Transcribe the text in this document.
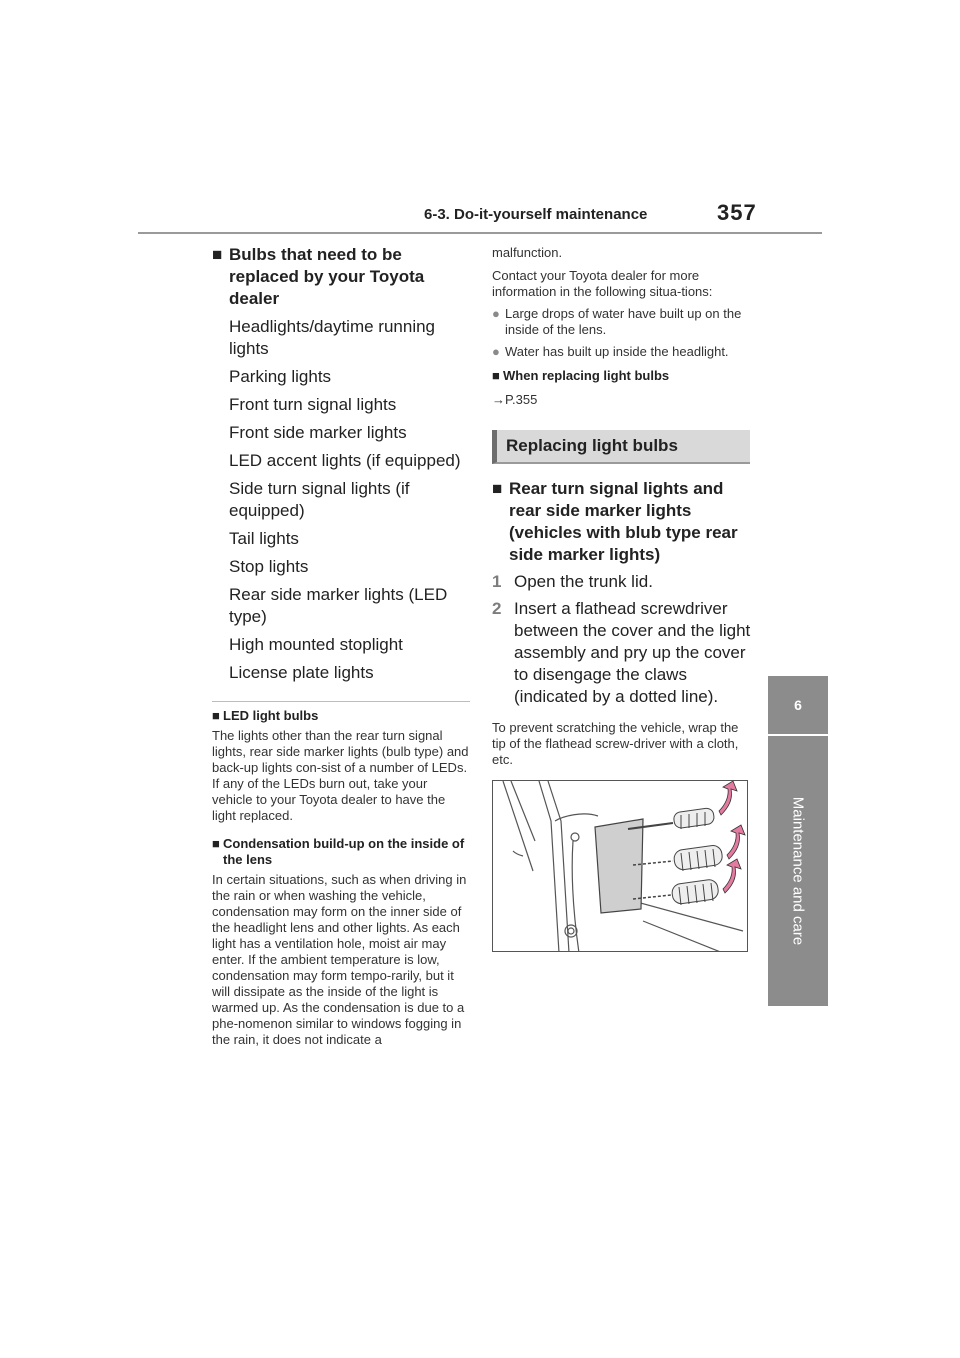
6-3. Do-it-yourself maintenance	357
6
Maintenance and care
■ Bulbs that need to be replaced by your Toyota dealer
Headlights/daytime running lights
Parking lights
Front turn signal lights
Front side marker lights
LED accent lights (if equipped)
Side turn signal lights (if equipped)
Tail lights
Stop lights
Rear side marker lights (LED type)
High mounted stoplight
License plate lights
■ LED light bulbs
The lights other than the rear turn signal lights, rear side marker lights (bulb type) and back-up lights con-sist of a number of LEDs. If any of the LEDs burn out, take your vehicle to your Toyota dealer to have the light replaced.
■ Condensation build-up on the inside of the lens
In certain situations, such as when driving in the rain or when washing the vehicle, condensation may form on the inner side of the headlight lens and other lights. As each light has a ventilation hole, moist air may enter. If the ambient temperature is low, condensation may form tempo-rarily, but it will dissipate as the inside of the light is warmed up. As the condensation is due to a phe-nomenon similar to windows fogging in the rain, it does not indicate a
malfunction.
Contact your Toyota dealer for more information in the following situa-tions:
● Large drops of water have built up on the inside of the lens.
● Water has built up inside the headlight.
■ When replacing light bulbs
→P.355
Replacing light bulbs
■ Rear turn signal lights and rear side marker lights (vehicles with blub type rear side marker lights)
1 Open the trunk lid.
2 Insert a flathead screwdriver between the cover and the light assembly and pry up the cover to disengage the claws (indicated by a dotted line).
To prevent scratching the vehicle, wrap the tip of the flathead screw-driver with a cloth, etc.
